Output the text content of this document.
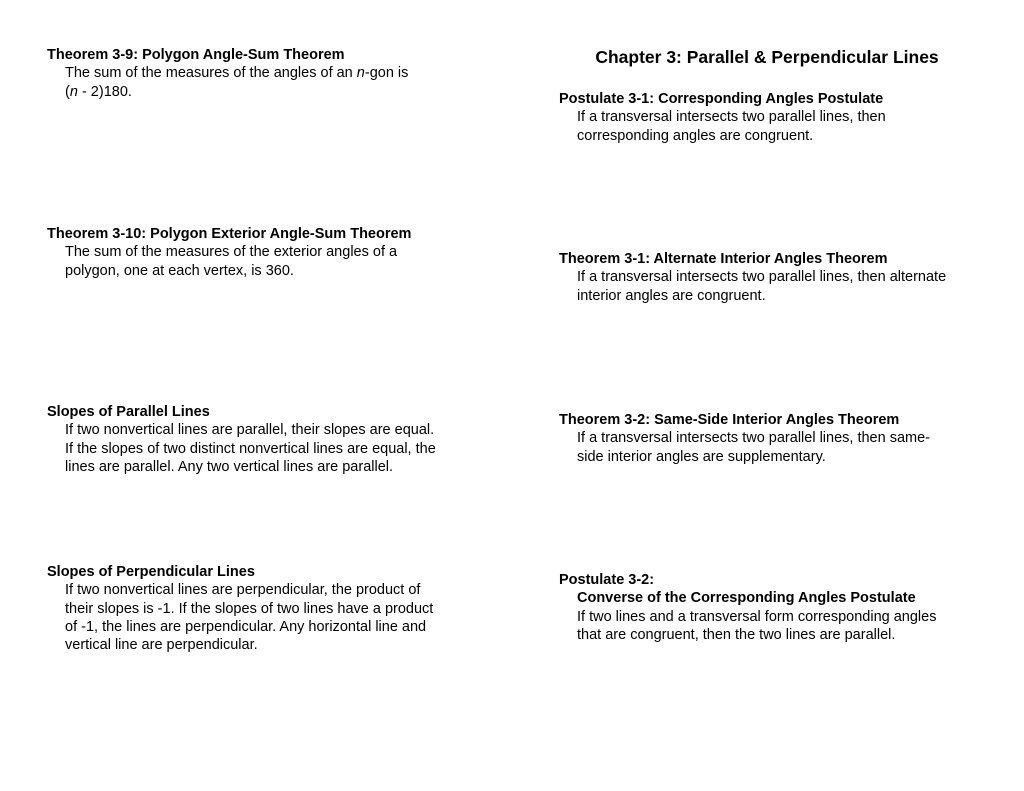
Chapter 3: Parallel & Perpendicular Lines
Theorem 3-9: Polygon Angle-Sum Theorem
The sum of the measures of the angles of an n-gon is
(n - 2)180.
Theorem 3-10: Polygon Exterior Angle-Sum Theorem
The sum of the measures of the exterior angles of a
polygon, one at each vertex, is 360.
Slopes of Parallel Lines
If two nonvertical lines are parallel, their slopes are equal.
If the slopes of two distinct nonvertical lines are equal, the
lines are parallel. Any two vertical lines are parallel.
Slopes of Perpendicular Lines
If two nonvertical lines are perpendicular, the product of
their slopes is -1. If the slopes of two lines have a product
of -1, the lines are perpendicular. Any horizontal line and
vertical line are perpendicular.
Postulate 3-1: Corresponding Angles Postulate
If a transversal intersects two parallel lines, then
corresponding angles are congruent.
Theorem 3-1: Alternate Interior Angles Theorem
If a transversal intersects two parallel lines, then alternate
interior angles are congruent.
Theorem 3-2: Same-Side Interior Angles Theorem
If a transversal intersects two parallel lines, then same-
side interior angles are supplementary.
Postulate 3-2:
Converse of the Corresponding Angles Postulate
If two lines and a transversal form corresponding angles
that are congruent, then the two lines are parallel.
